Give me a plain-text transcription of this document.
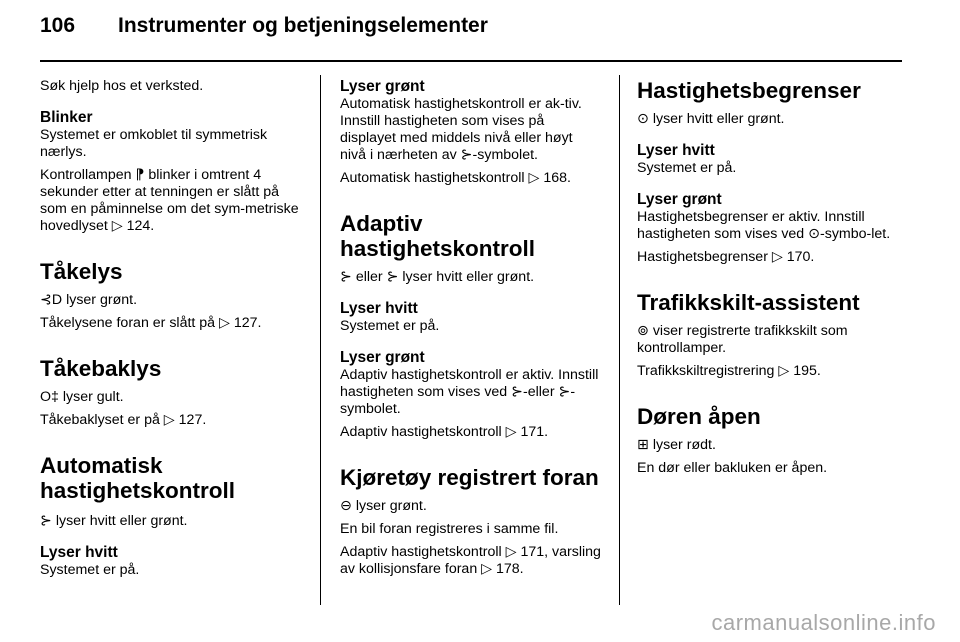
106	Instrumenter og betjeningselementer

Søk hjelp hos et verksted.

Blinker

Systemet er omkoblet til symmetrisk nærlys.

Kontrollampen ⁋ blinker i omtrent 4 sekunder etter at tenningen er slått på som en påminnelse om det sym-metriske hovedlyset ▷ 124.

Tåkelys

⊰D lyser grønt.

Tåkelysene foran er slått på ▷ 127.

Tåkebaklys

O‡ lyser gult.

Tåkebaklyset er på ▷ 127.

Automatisk
hastighetskontroll

⊱ lyser hvitt eller grønt.

Lyser hvitt

Systemet er på.

Lyser grønt

Automatisk hastighetskontroll er ak-tiv. Innstill hastigheten som vises på displayet med middels nivå eller høyt nivå i nærheten av ⊱-symbolet.

Automatisk hastighetskontroll ▷ 168.

Adaptiv hastighetskontroll

⊱ eller ⊱ lyser hvitt eller grønt.

Lyser hvitt

Systemet er på.

Lyser grønt

Adaptiv hastighetskontroll er aktiv. Innstill hastigheten som vises ved ⊱-eller ⊱-symbolet.

Adaptiv hastighetskontroll ▷ 171.

Kjøretøy registrert foran

⊖ lyser grønt.

En bil foran registreres i samme fil.

Adaptiv hastighetskontroll ▷ 171, varsling av kollisjonsfare foran ▷ 178.

Hastighetsbegrenser

⊙ lyser hvitt eller grønt.

Lyser hvitt

Systemet er på.

Lyser grønt

Hastighetsbegrenser er aktiv. Innstill hastigheten som vises ved ⊙-symbo-let.

Hastighetsbegrenser ▷ 170.

Trafikkskilt-assistent

⊚ viser registrerte trafikkskilt som kontrollamper.

Trafikkskiltregistrering ▷ 195.

Døren åpen

⊞ lyser rødt.

En dør eller bakluken er åpen.

carmanualsonline.info
